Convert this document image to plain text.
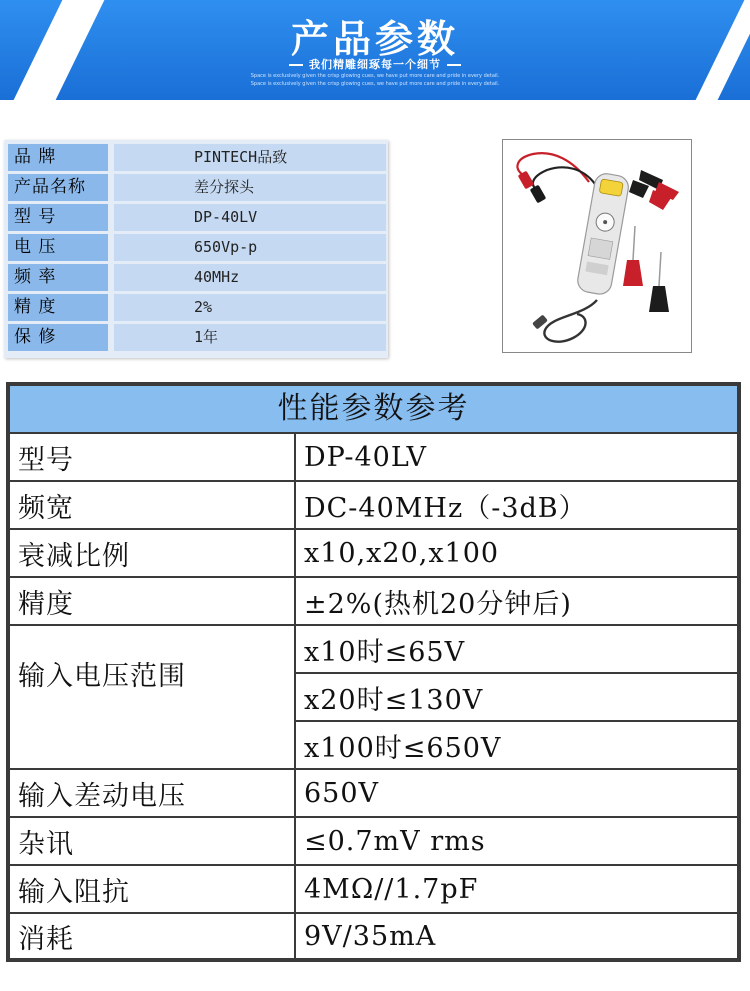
产品参数
我们精雕细琢每一个细节
Space is exclusively given the crisp glowing cues, we have put more care and pride in every detail.
Space is exclusively given the crisp glowing cues, we have put more care and pride in every detail.
品 牌	PINTECH品致
产品名称	差分探头
型 号	DP-40LV
电 压	650Vp-p
频 率	40MHz
精 度	2%
保 修	1年
性能参数参考
型号	DP-40LV
频宽	DC-40MHz（-3dB）
衰减比例	x10,x20,x100
精度	±2%(热机20分钟后)
输入电压范围
x10时≤65V
x20时≤130V
x100时≤650V
输入差动电压	650V
杂讯	≤0.7mV rms
输入阻抗	4MΩ//1.7pF
消耗	9V/35mA
